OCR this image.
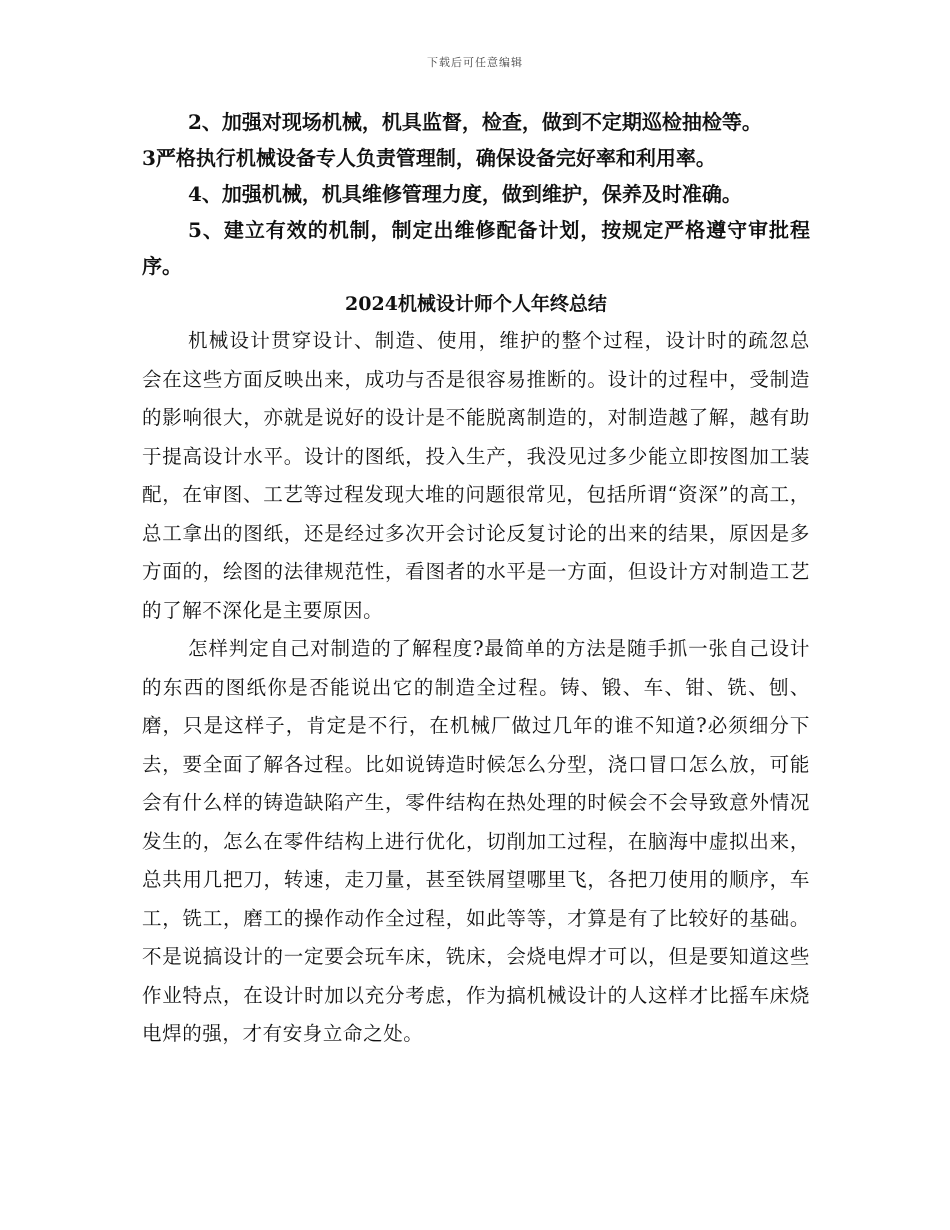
下载后可任意编辑

2、加强对现场机械，机具监督，检查，做到不定期巡检抽检等。

3严格执行机械设备专人负责管理制，确保设备完好率和利用率。

4、加强机械，机具维修管理力度，做到维护，保养及时准确。

5、建立有效的机制，制定出维修配备计划，按规定严格遵守审批程序。

2024机械设计师个人年终总结

机械设计贯穿设计、制造、使用，维护的整个过程，设计时的疏忽总会在这些方面反映出来，成功与否是很容易推断的。设计的过程中，受制造的影响很大，亦就是说好的设计是不能脱离制造的，对制造越了解，越有助于提高设计水平。设计的图纸，投入生产，我没见过多少能立即按图加工装配，在审图、工艺等过程发现大堆的问题很常见，包括所谓“资深”的高工，总工拿出的图纸，还是经过多次开会讨论反复讨论的出来的结果，原因是多方面的，绘图的法律规范性，看图者的水平是一方面，但设计方对制造工艺的了解不深化是主要原因。

怎样判定自己对制造的了解程度?最简单的方法是随手抓一张自己设计的东西的图纸你是否能说出它的制造全过程。铸、锻、车、钳、铣、刨、磨，只是这样子，肯定是不行，在机械厂做过几年的谁不知道?必须细分下去，要全面了解各过程。比如说铸造时候怎么分型，浇口冒口怎么放，可能会有什么样的铸造缺陷产生，零件结构在热处理的时候会不会导致意外情况发生的，怎么在零件结构上进行优化，切削加工过程，在脑海中虚拟出来，总共用几把刀，转速，走刀量，甚至铁屑望哪里飞，各把刀使用的顺序，车工，铣工，磨工的操作动作全过程，如此等等，才算是有了比较好的基础。不是说搞设计的一定要会玩车床，铣床，会烧电焊才可以，但是要知道这些作业特点，在设计时加以充分考虑，作为搞机械设计的人这样才比摇车床烧电焊的强，才有安身立命之处。
